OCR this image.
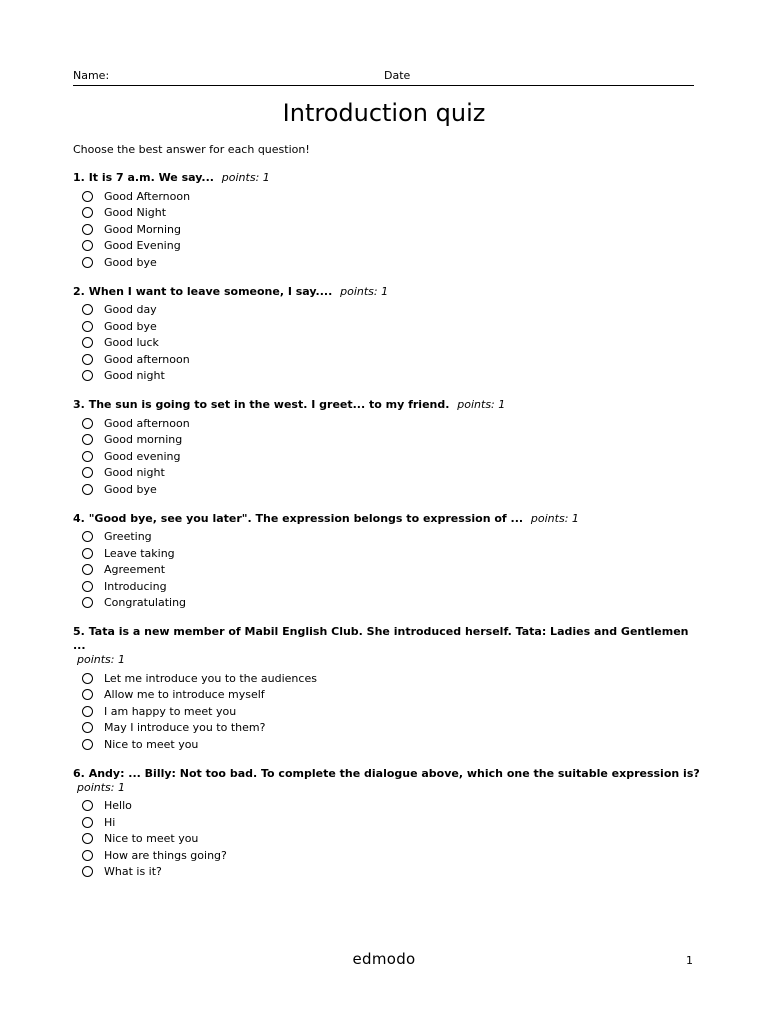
Name:	Date
Introduction quiz
Choose the best answer for each question!
1. It is 7 a.m. We say... points: 1
Good Afternoon
Good Night
Good Morning
Good Evening
Good bye
2. When I want to leave someone, I say.... points: 1
Good day
Good bye
Good luck
Good afternoon
Good night
3. The sun is going to set in the west. I greet... to my friend. points: 1
Good afternoon
Good morning
Good evening
Good night
Good bye
4. "Good bye, see you later". The expression belongs to expression of ... points: 1
Greeting
Leave taking
Agreement
Introducing
Congratulating
5. Tata is a new member of Mabil English Club. She introduced herself. Tata: Ladies and Gentlemen ...
points: 1
Let me introduce you to the audiences
Allow me to introduce myself
I am happy to meet you
May I introduce you to them?
Nice to meet you
6. Andy: ... Billy: Not too bad. To complete the dialogue above, which one the suitable expression is?
points: 1
Hello
Hi
Nice to meet you
How are things going?
What is it?
edmodo	1
